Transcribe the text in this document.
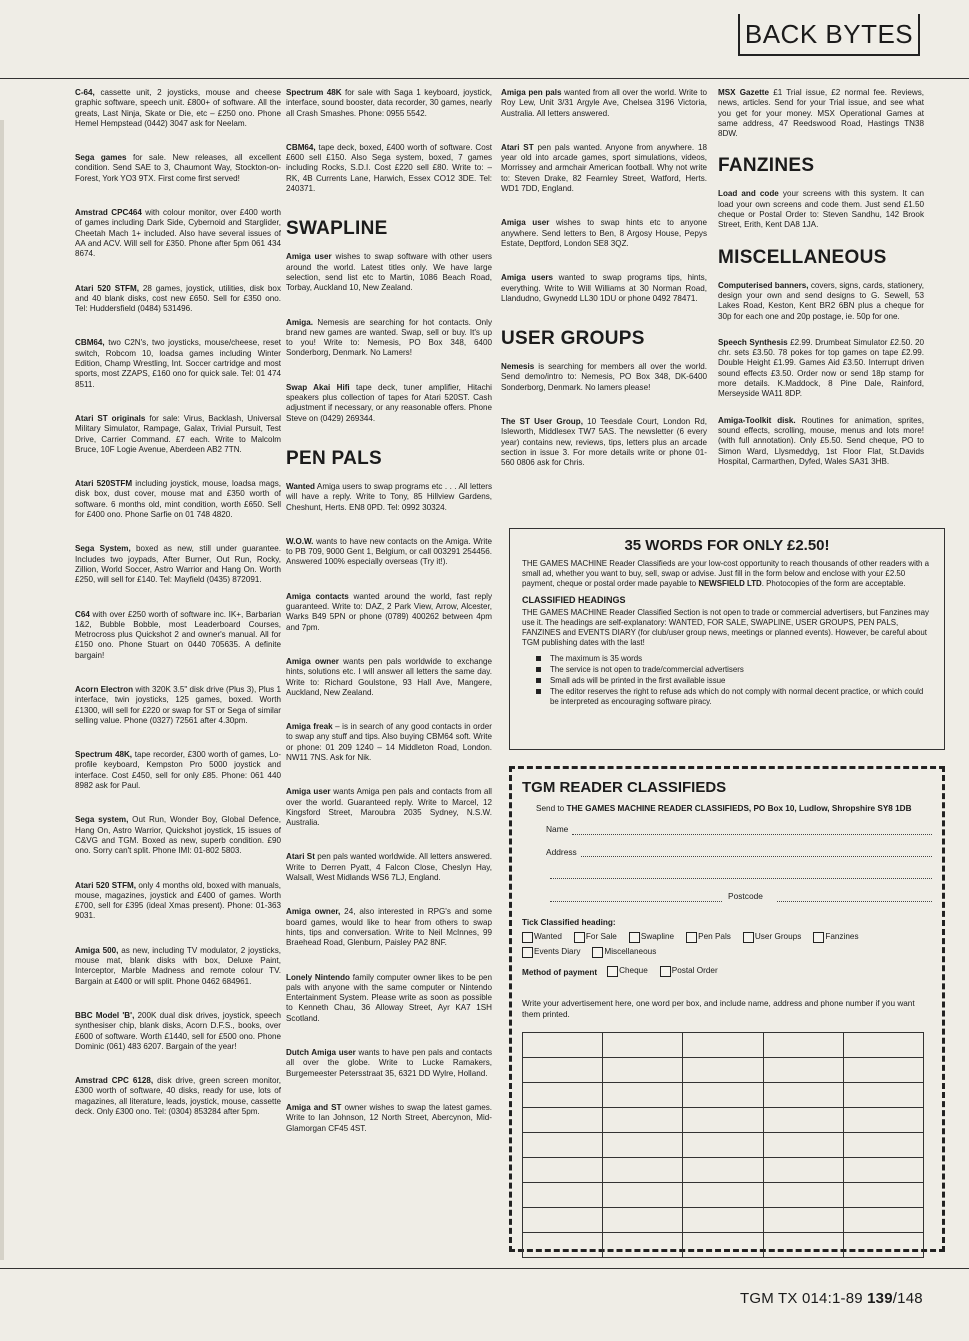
BACK BYTES

C-64, cassette unit, 2 joysticks, mouse and cheese graphic software, speech unit. £800+ of software. All the greats, Last Ninja, Skate or Die, etc – £250 ono. Phone Hemel Hempstead (0442) 3047 ask for Neelam.

Sega games for sale. New releases, all excellent condition. Send SAE to 3, Chaumont Way, Stockton-on-Forest, York YO3 9TX. First come first served!

Amstrad CPC464 with colour monitor, over £400 worth of games including Dark Side, Cybernoid and Starglider, Cheetah Mach 1+ included. Also have several issues of AA and ACV. Will sell for £350. Phone after 5pm 061 434 8674.

Atari 520 STFM, 28 games, joystick, utilities, disk box and 40 blank disks, cost new £650. Sell for £350 ono. Tel: Huddersfield (0484) 531496.

CBM64, two C2N's, two joysticks, mouse/cheese, reset switch, Robcom 10, loadsa games including Winter Edition, Champ Wrestling, Int. Soccer cartridge and most sports, most ZZAPS, £160 ono for quick sale. Tel: 01 474 8511.

Atari ST originals for sale: Virus, Backlash, Universal Military Simulator, Rampage, Galax, Trivial Pursuit, Test Drive, Carrier Command. £7 each. Write to Malcolm Bruce, 10F Logie Avenue, Aberdeen AB2 7TN.

Atari 520STFM including joystick, mouse, loadsa mags, disk box, dust cover, mouse mat and £350 worth of software. 6 months old, mint condition, worth £650. Sell for £400 ono. Phone Sarfie on 01 748 4820.

Sega System, boxed as new, still under guarantee. Includes two joypads, After Burner, Out Run, Rocky, Zillion, World Soccer, Astro Warrior and Hang On. Worth £250, will sell for £140. Tel: Mayfield (0435) 872091.

C64 with over £250 worth of software inc. IK+, Barbarian 1&2, Bubble Bobble, most Leaderboard Courses, Metrocross plus Quickshot 2 and owner's manual. All for £150 ono. Phone Stuart on 0440 705635. A definite bargain!

Acorn Electron with 320K 3.5" disk drive (Plus 3), Plus 1 interface, twin joysticks, 125 games, boxed. Worth £1300, will sell for £220 or swap for ST or Sega of similar selling value. Phone (0327) 72561 after 4.30pm.

Spectrum 48K, tape recorder, £300 worth of games, Lo-profile keyboard, Kempston Pro 5000 joystick and interface. Cost £450, sell for only £85. Phone: 061 440 8982 ask for Paul.

Sega system, Out Run, Wonder Boy, Global Defence, Hang On, Astro Warrior, Quickshot joystick, 15 issues of C&VG and TGM. Boxed as new, superb condition. £90 ono. Sorry can't split. Phone IMI: 01-802 5803.

Atari 520 STFM, only 4 months old, boxed with manuals, mouse, magazines, joystick and £400 of games. Worth £700, sell for £395 (ideal Xmas present). Phone: 01-363 9031.

Amiga 500, as new, including TV modulator, 2 joysticks, mouse mat, blank disks with box, Deluxe Paint, Interceptor, Marble Madness and remote colour TV. Bargain at £400 or will split. Phone 0462 684961.

BBC Model 'B', 200K dual disk drives, joystick, speech synthesiser chip, blank disks, Acorn D.F.S., books, over £600 of software. Worth £1440, sell for £500 ono. Phone Dominic (061) 483 6207. Bargain of the year!

Amstrad CPC 6128, disk drive, green screen monitor, £300 worth of software, 40 disks, ready for use, lots of magazines, all literature, leads, joystick, mouse, cassette deck. Only £300 ono. Tel: (0304) 853284 after 5pm.

Spectrum 48K for sale with Saga 1 keyboard, joystick, interface, sound booster, data recorder, 30 games, nearly all Crash Smashes. Phone: 0955 5542.

CBM64, tape deck, boxed, £400 worth of software. Cost £600 sell £150. Also Sega system, boxed, 7 games including Rocks, S.D.I. Cost £220 sell £80. Write to: – RK, 4B Currents Lane, Harwich, Essex CO12 3DE. Tel: 240371.

SWAPLINE

Amiga user wishes to swap software with other users around the world. Latest titles only. We have large selection, send list etc to Martin, 1086 Beach Road, Torbay, Auckland 10, New Zealand.

Amiga. Nemesis are searching for hot contacts. Only brand new games are wanted. Swap, sell or buy. It's up to you! Write to: Nemesis, PO Box 348, 6400 Sonderborg, Denmark. No Lamers!

Swap Akai Hifi tape deck, tuner amplifier, Hitachi speakers plus collection of tapes for Atari 520ST. Cash adjustment if necessary, or any reasonable offers. Phone Steve on (0429) 269344.

PEN PALS

Wanted Amiga users to swap programs etc . . . All letters will have a reply. Write to Tony, 85 Hillview Gardens, Cheshunt, Herts. EN8 0PD. Tel: 0992 30324.

W.O.W. wants to have new contacts on the Amiga. Write to PB 709, 9000 Gent 1, Belgium, or call 003291 254456. Answered 100% especially overseas (Try it!).

Amiga contacts wanted around the world, fast reply guaranteed. Write to: DAZ, 2 Park View, Arrow, Alcester, Warks B49 5PN or phone (0789) 400262 between 4pm and 7pm.

Amiga owner wants pen pals worldwide to exchange hints, solutions etc. I will answer all letters the same day. Write to: Richard Goulstone, 93 Hall Ave, Mangere, Auckland, New Zealand.

Amiga freak – is in search of any good contacts in order to swap any stuff and tips. Also buying CBM64 soft. Write or phone: 01 209 1240 – 14 Middleton Road, London. NW11 7NS. Ask for Nik.

Amiga user wants Amiga pen pals and contacts from all over the world. Guaranteed reply. Write to Marcel, 12 Kingsford Street, Maroubra 2035 Sydney, N.S.W. Australia.

Atari St pen pals wanted worldwide. All letters answered. Write to Derren Pyatt, 4 Falcon Close, Cheslyn Hay, Walsall, West Midlands WS6 7LJ, England.

Amiga owner, 24, also interested in RPG's and some board games, would like to hear from others to swap hints, tips and conversation. Write to Neil McInnes, 99 Braehead Road, Glenburn, Paisley PA2 8NF.

Lonely Nintendo family computer owner likes to be pen pals with anyone with the same computer or Nintendo Entertainment System. Please write as soon as possible to Kenneth Chau, 36 Alloway Street, Ayr KA7 1SH Scotland.

Dutch Amiga user wants to have pen pals and contacts all over the globe. Write to Lucke Ramakers, Burgemeester Petersstraat 35, 6321 DD Wylre, Holland.

Amiga and ST owner wishes to swap the latest games. Write to Ian Johnson, 12 North Street, Abercynon, Mid-Glamorgan CF45 4ST.

Amiga pen pals wanted from all over the world. Write to Roy Lew, Unit 3/31 Argyle Ave, Chelsea 3196 Victoria, Australia. All letters answered.

Atari ST pen pals wanted. Anyone from anywhere. 18 year old into arcade games, sport simulations, videos, Morrissey and armchair American football. Why not write to: Steven Drake, 82 Fearnley Street, Watford, Herts. WD1 7DD, England.

Amiga user wishes to swap hints etc to anyone anywhere. Send letters to Ben, 8 Argosy House, Pepys Estate, Deptford, London SE8 3QZ.

Amiga users wanted to swap programs tips, hints, everything. Write to Will Williams at 30 Norman Road, Llandudno, Gwynedd LL30 1DU or phone 0492 78471.

USER GROUPS

Nemesis is searching for members all over the world. Send demo/intro to: Nemesis, PO Box 348, DK-6400 Sonderborg, Denmark. No lamers please!

The ST User Group, 10 Teesdale Court, London Rd, Isleworth, Middlesex TW7 5AS. The newsletter (6 every year) contains new, reviews, tips, letters plus an arcade section in issue 3. For more details write or phone 01-560 0806 ask for Chris.

MSX Gazette £1 Trial issue, £2 normal fee. Reviews, news, articles. Send for your Trial issue, and see what you get for your money. MSX Operational Games at same address, 47 Reedswood Road, Hastings TN38 8DW.

FANZINES

Load and code your screens with this system. It can load your own screens and code them. Just send £1.50 cheque or Postal Order to: Steven Sandhu, 142 Brook Street, Erith, Kent DA8 1JA.

MISCELLANEOUS

Computerised banners, covers, signs, cards, stationery, design your own and send designs to G. Sewell, 53 Lakes Road, Keston, Kent BR2 6BN plus a cheque for 30p for each one and 20p postage, ie. 50p for one.

Speech Synthesis £2.99. Drumbeat Simulator £2.50. 20 chr. sets £3.50. 78 pokes for top games on tape £2.99. Double Height £1.99. Games Aid £3.50. Interrupt driven sound effects £3.50. Order now or send 18p stamp for more details. K.Maddock, 8 Pine Dale, Rainford, Merseyside WA11 8DP.

Amiga-Toolkit disk. Routines for animation, sprites, sound effects, scrolling, mouse, menus and lots more! (with full annotation). Only £5.50. Send cheque, PO to Simon Ward, Llysmeddyg, 1st Floor Flat, St.Davids Hospital, Carmarthen, Dyfed, Wales SA31 3HB.

35 WORDS FOR ONLY £2.50!
THE GAMES MACHINE Reader Classifieds are your low-cost opportunity to reach thousands of other readers with a small ad, whether you want to buy, sell, swap or advise. Just fill in the form below and enclose with your £2.50 payment, cheque or postal order made payable to NEWSFIELD LTD. Photocopies of the form are acceptable.
CLASSIFIED HEADINGS
THE GAMES MACHINE Reader Classified Section is not open to trade or commercial advertisers, but Fanzines may use it. The headings are self-explanatory: WANTED, FOR SALE, SWAPLINE, USER GROUPS, PEN PALS, FANZINES and EVENTS DIARY (for club/user group news, meetings or planned events). However, be careful about TGM publishing dates with the last!
The maximum is 35 words
The service is not open to trade/commercial advertisers
Small ads will be printed in the first available issue
The editor reserves the right to refuse ads which do not comply with normal decent practice, or which could be interpreted as encouraging software piracy.
TGM READER CLASSIFIEDS
Send to THE GAMES MACHINE READER CLASSIFIEDS, PO Box 10, Ludlow, Shropshire SY8 1DB
Name
Address
Postcode
Tick Classified heading:
Wanted	For Sale	Swapline	Pen Pals	User Groups	Fanzines
Events Diary	Miscellaneous
Method of payment	Cheque	Postal Order
Write your advertisement here, one word per box, and include name, address and phone number if you want them printed.

TGM TX 014:1-89 139/148
